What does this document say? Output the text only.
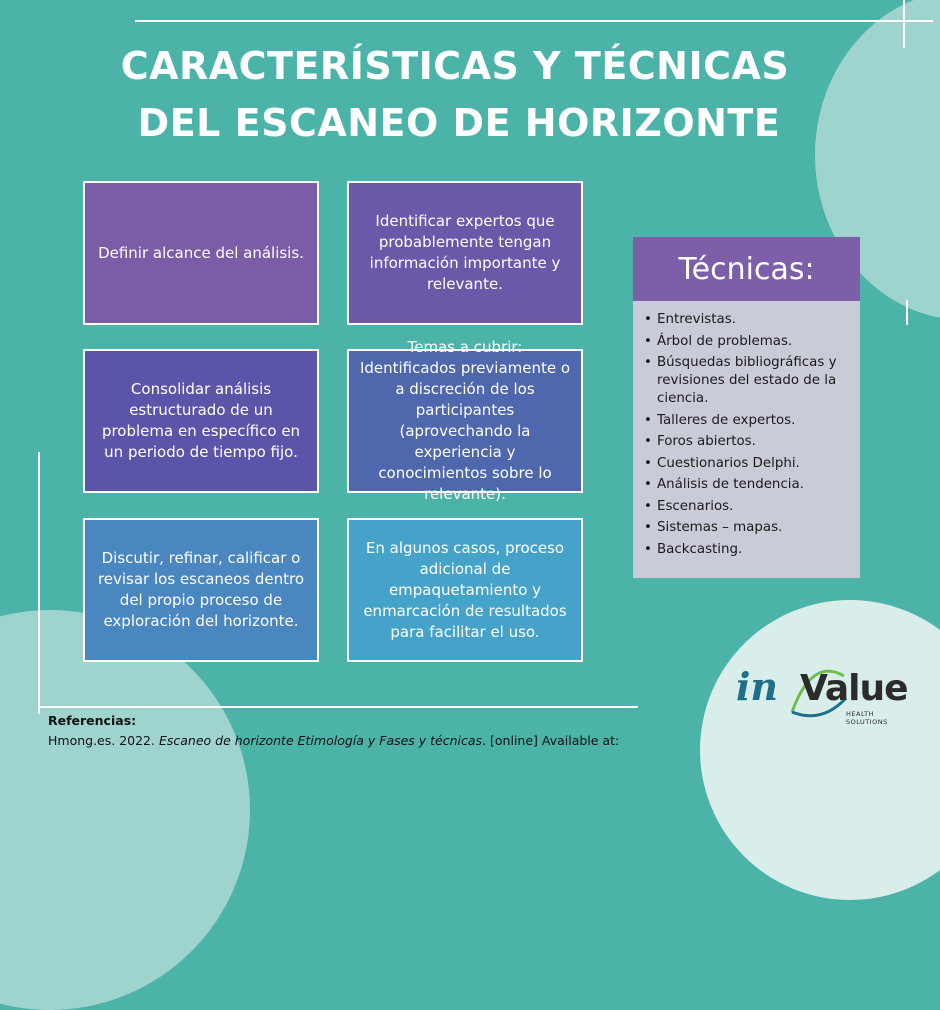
CARACTERÍSTICAS Y TÉCNICAS
DEL ESCANEO DE HORIZONTE
Definir alcance del análisis.
Identificar expertos que probablemente tengan información importante y relevante.
Consolidar análisis estructurado de un problema en específico en un periodo de tiempo fijo.
Temas a cubrir: Identificados previamente o a discreción de los participantes (aprovechando la experiencia y conocimientos sobre lo relevante).
Discutir, refinar, calificar o revisar los escaneos dentro del propio proceso de exploración del horizonte.
En algunos casos, proceso adicional de empaquetamiento y enmarcación de resultados para facilitar el uso.
Técnicas:
• Entrevistas.
• Árbol de problemas.
• Búsquedas bibliográficas y revisiones del estado de la ciencia.
• Talleres de expertos.
• Foros abiertos.
• Cuestionarios Delphi.
• Análisis de tendencia.
• Escenarios.
• Sistemas – mapas.
• Backcasting.
Referencias:
Hmong.es. 2022. Escaneo de horizonte Etimología y Fases y técnicas. [online] Available at:
in Value
HEALTH SOLUTIONS
